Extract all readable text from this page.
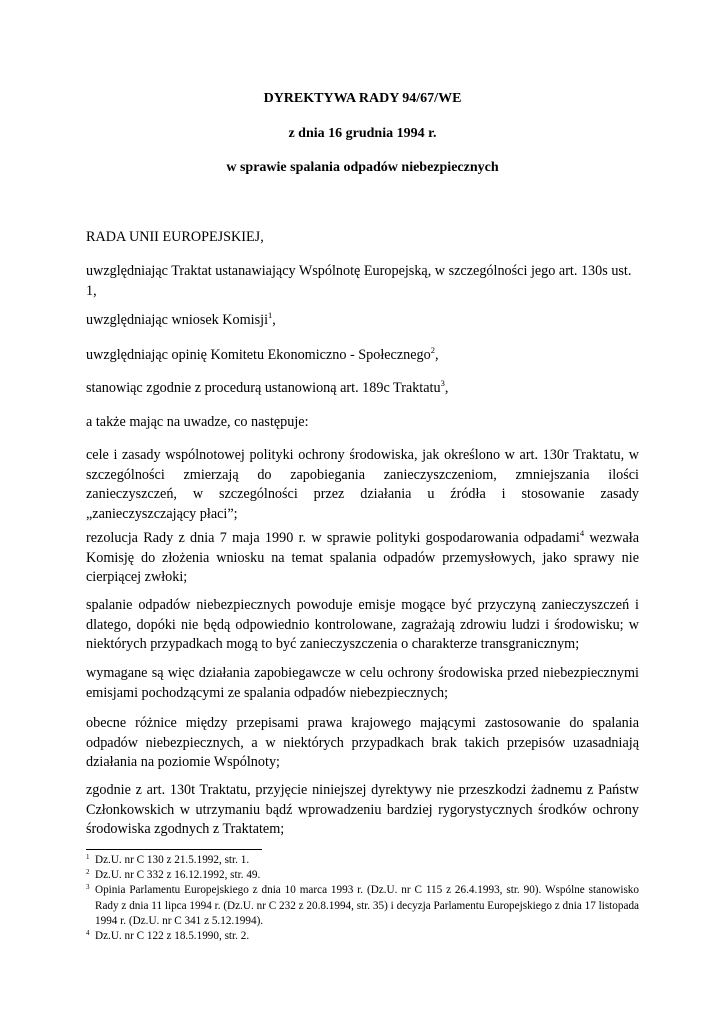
DYREKTYWA RADY 94/67/WE

z dnia 16 grudnia 1994 r.

w sprawie spalania odpadów niebezpiecznych

RADA UNII EUROPEJSKIEJ,

uwzględniając Traktat ustanawiający Wspólnotę Europejską, w szczególności jego art. 130s ust. 1,

uwzględniając wniosek Komisji$^1$,

uwzględniając opinię Komitetu Ekonomiczno - Społecznego$^2$,

stanowiąc zgodnie z procedurą ustanowioną art. 189c Traktatu$^3$,

a także mając na uwadze, co następuje:

cele i zasady wspólnotowej polityki ochrony środowiska, jak określono w art. 130r Traktatu, w szczególności zmierzają do zapobiegania zanieczyszczeniom, zmniejszania ilości zanieczyszczeń, w szczególności przez działania u źródła i stosowanie zasady „zanieczyszczający płaci”;

rezolucja Rady z dnia 7 maja 1990 r. w sprawie polityki gospodarowania odpadami$^4$ wezwała Komisję do złożenia wniosku na temat spalania odpadów przemysłowych, jako sprawy nie cierpiącej zwłoki;

spalanie odpadów niebezpiecznych powoduje emisje mogące być przyczyną zanieczyszczeń i dlatego, dopóki nie będą odpowiednio kontrolowane, zagrażają zdrowiu ludzi i środowisku; w niektórych przypadkach mogą to być zanieczyszczenia o charakterze transgranicznym;

wymagane są więc działania zapobiegawcze w celu ochrony środowiska przed niebezpiecznymi emisjami pochodzącymi ze spalania odpadów niebezpiecznych;

obecne różnice między przepisami prawa krajowego mającymi zastosowanie do spalania odpadów niebezpiecznych, a w niektórych przypadkach brak takich przepisów uzasadniają działania na poziomie Wspólnoty;

zgodnie z art. 130t Traktatu, przyjęcie niniejszej dyrektywy nie przeszkodzi żadnemu z Państw Członkowskich w utrzymaniu bądź wprowadzeniu bardziej rygorystycznych środków ochrony środowiska zgodnych z Traktatem;

$^1$ Dz.U. nr C 130 z 21.5.1992, str. 1.
$^2$ Dz.U. nr C 332 z 16.12.1992, str. 49.
$^3$ Opinia Parlamentu Europejskiego z dnia 10 marca 1993 r. (Dz.U. nr C 115 z 26.4.1993, str. 90). Wspólne stanowisko Rady z dnia 11 lipca 1994 r. (Dz.U. nr C 232 z 20.8.1994, str. 35) i decyzja Parlamentu Europejskiego z dnia 17 listopada 1994 r. (Dz.U. nr C 341 z 5.12.1994).
$^4$ Dz.U. nr C 122 z 18.5.1990, str. 2.
